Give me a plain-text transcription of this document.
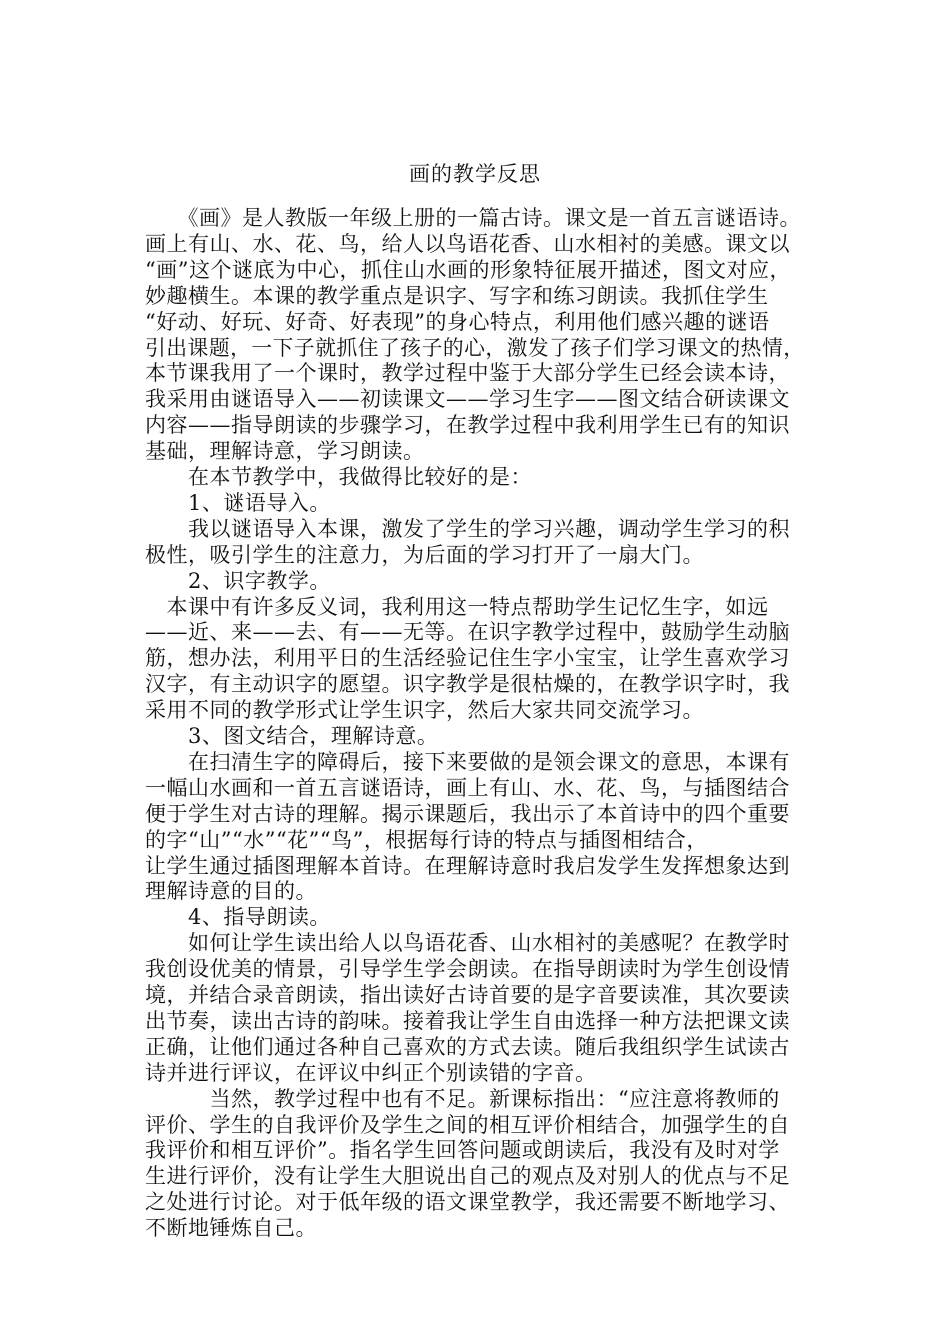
画的教学反思
　　《画》是人教版一年级上册的一篇古诗。课文是一首五言谜语诗。
画上有山、水、花、鸟，给人以鸟语花香、山水相衬的美感。课文以
“画”这个谜底为中心，抓住山水画的形象特征展开描述，图文对应，
妙趣横生。本课的教学重点是识字、写字和练习朗读。我抓住学生
“好动、好玩、好奇、好表现”的身心特点，利用他们感兴趣的谜语
引出课题，一下子就抓住了孩子的心，激发了孩子们学习课文的热情，
本节课我用了一个课时，教学过程中鉴于大部分学生已经会读本诗，
我采用由谜语导入——初读课文——学习生字——图文结合研读课文
内容——指导朗读的步骤学习，在教学过程中我利用学生已有的知识
基础，理解诗意，学习朗读。
　　在本节教学中，我做得比较好的是：
　　1、谜语导入。
　　我以谜语导入本课，激发了学生的学习兴趣，调动学生学习的积
极性，吸引学生的注意力，为后面的学习打开了一扇大门。
　　2、识字教学。
　本课中有许多反义词，我利用这一特点帮助学生记忆生字，如远
——近、来——去、有——无等。在识字教学过程中，鼓励学生动脑
筋，想办法，利用平日的生活经验记住生字小宝宝，让学生喜欢学习
汉字，有主动识字的愿望。识字教学是很枯燥的，在教学识字时，我
采用不同的教学形式让学生识字，然后大家共同交流学习。
　　3、图文结合，理解诗意。
　　在扫清生字的障碍后，接下来要做的是领会课文的意思，本课有
一幅山水画和一首五言谜语诗，画上有山、水、花、鸟，与插图结合
便于学生对古诗的理解。揭示课题后，我出示了本首诗中的四个重要
的字“山”“水”“花”“鸟”，根据每行诗的特点与插图相结合，
让学生通过插图理解本首诗。在理解诗意时我启发学生发挥想象达到
理解诗意的目的。
　　4、指导朗读。
　　如何让学生读出给人以鸟语花香、山水相衬的美感呢？在教学时
我创设优美的情景，引导学生学会朗读。在指导朗读时为学生创设情
境，并结合录音朗读，指出读好古诗首要的是字音要读准，其次要读
出节奏，读出古诗的韵味。接着我让学生自由选择一种方法把课文读
正确，让他们通过各种自己喜欢的方式去读。随后我组织学生试读古
诗并进行评议，在评议中纠正个别读错的字音。
　　　当然，教学过程中也有不足。新课标指出：“应注意将教师的
评价、学生的自我评价及学生之间的相互评价相结合，加强学生的自
我评价和相互评价”。指名学生回答问题或朗读后，我没有及时对学
生进行评价，没有让学生大胆说出自己的观点及对别人的优点与不足
之处进行讨论。对于低年级的语文课堂教学，我还需要不断地学习、
不断地锤炼自己。
